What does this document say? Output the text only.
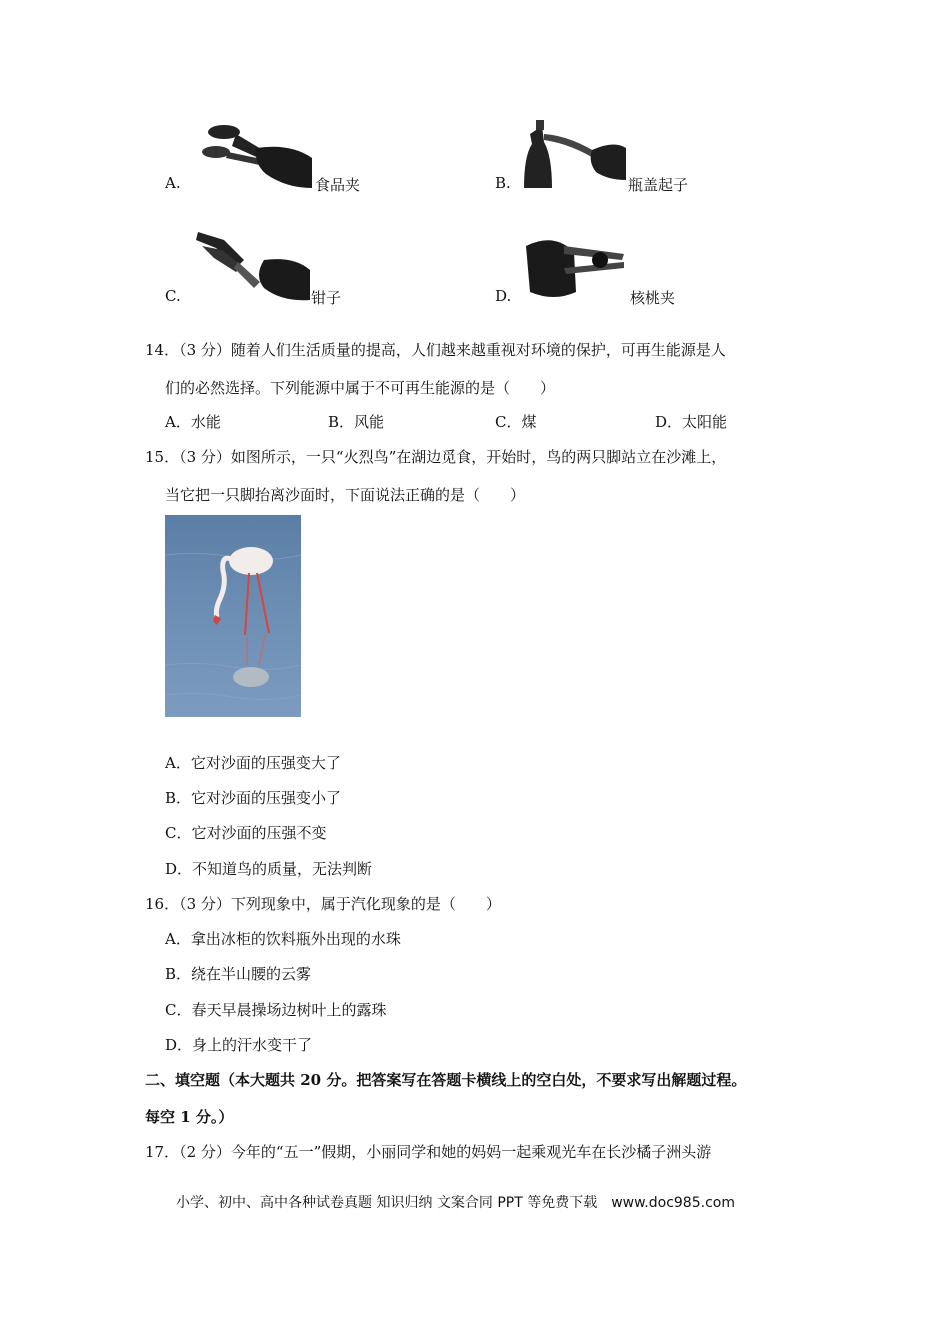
A.	食品夹	B.	瓶盖起子
C.	钳子	D.	核桃夹
14．（3 分）随着人们生活质量的提高，人们越来越重视对环境的保护，可再生能源是人
们的必然选择。下列能源中属于不可再生能源的是（　　）
A．水能	B．风能	C．煤	D．太阳能
15．（3 分）如图所示，一只“火烈鸟”在湖边觅食，开始时，鸟的两只脚站立在沙滩上，
当它把一只脚抬离沙面时，下面说法正确的是（　　）
A．它对沙面的压强变大了
B．它对沙面的压强变小了
C．它对沙面的压强不变
D．不知道鸟的质量，无法判断
16．（3 分）下列现象中，属于汽化现象的是（　　）
A．拿出冰柜的饮料瓶外出现的水珠
B．绕在半山腰的云雾
C．春天早晨操场边树叶上的露珠
D．身上的汗水变干了
二、填空题（本大题共 20 分。把答案写在答题卡横线上的空白处，不要求写出解题过程。
每空 1 分。）
17．（2 分）今年的“五一”假期，小丽同学和她的妈妈一起乘观光车在长沙橘子洲头游
小学、初中、高中各种试卷真题 知识归纳 文案合同 PPT 等免费下载　www.doc985.com
